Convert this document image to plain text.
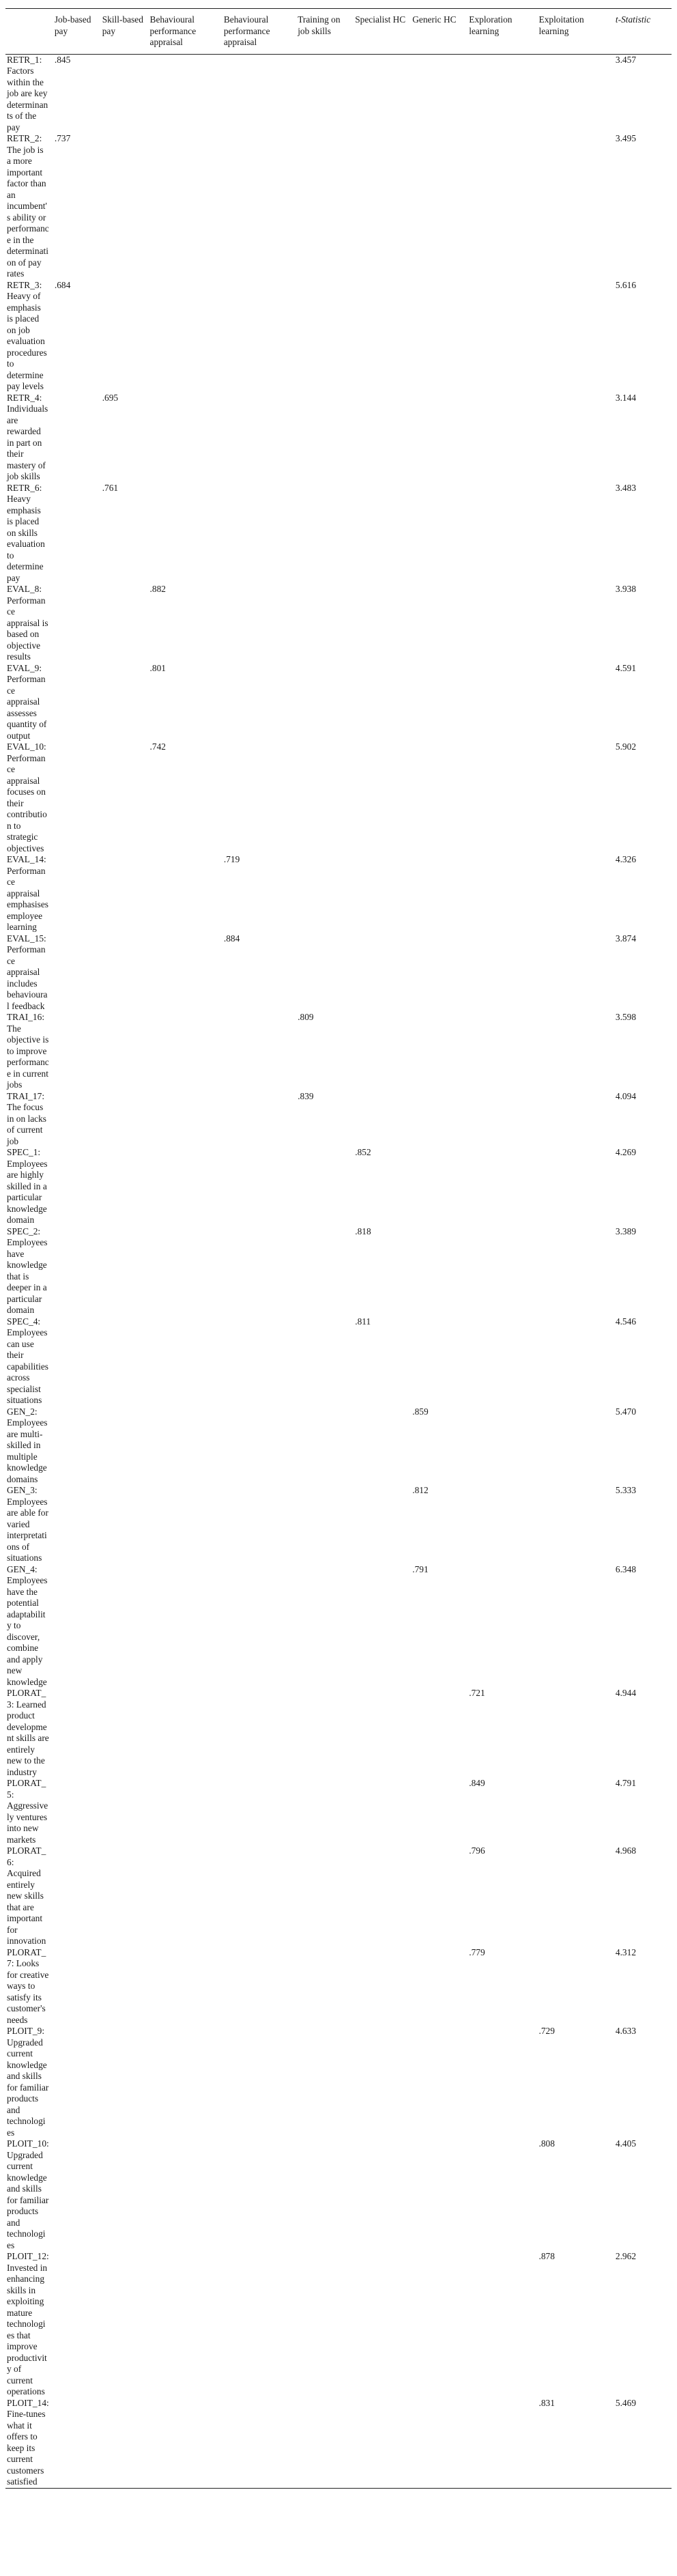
	Job-based pay	Skill-based pay	Behavioural performance appraisal	Behavioural performance appraisal	Training on job skills	Specialist HC	Generic HC	Exploration learning	Exploitation learning	t-Statistic
RETR_1: Factors within the job are key determinants of the pay	.845									3.457
RETR_2: The job is a more important factor than an incumbent's ability or performance in the determination of pay rates	.737									3.495
RETR_3: Heavy of emphasis is placed on job evaluation procedures to determine pay levels	.684									5.616
RETR_4: Individuals are rewarded in part on their mastery of job skills		.695								3.144
RETR_6: Heavy emphasis is placed on skills evaluation to determine pay		.761								3.483
EVAL_8: Performance appraisal is based on objective results			.882							3.938
EVAL_9: Performance appraisal assesses quantity of output			.801							4.591
EVAL_10: Performance appraisal focuses on their contribution to strategic objectives			.742							5.902
EVAL_14: Performance appraisal emphasises employee learning				.719						4.326
EVAL_15: Performance appraisal includes behavioural feedback				.884						3.874
TRAI_16: The objective is to improve performance in current jobs					.809					3.598
TRAI_17: The focus in on lacks of current job					.839					4.094
SPEC_1: Employees are highly skilled in a particular knowledge domain						.852				4.269
SPEC_2: Employees have knowledge that is deeper in a particular domain						.818				3.389
SPEC_4: Employees can use their capabilities across specialist situations						.811				4.546
GEN_2: Employees are multi-skilled in multiple knowledge domains							.859			5.470
GEN_3: Employees are able for varied interpretations of situations							.812			5.333
GEN_4: Employees have the potential adaptability to discover, combine and apply new knowledge							.791			6.348
PLORAT_3: Learned product development skills are entirely new to the industry								.721		4.944
PLORAT_5: Aggressively ventures into new markets								.849		4.791
PLORAT_6: Acquired entirely new skills that are important for innovation								.796		4.968
PLORAT_7: Looks for creative ways to satisfy its customer's needs								.779		4.312
PLOIT_9: Upgraded current knowledge and skills for familiar products and technologies									.729	4.633
PLOIT_10: Upgraded current knowledge and skills for familiar products and technologies									.808	4.405
PLOIT_12: Invested in enhancing skills in exploiting mature technologies that improve productivity of current operations									.878	2.962
PLOIT_14: Fine-tunes what it offers to keep its current customers satisfied									.831	5.469
